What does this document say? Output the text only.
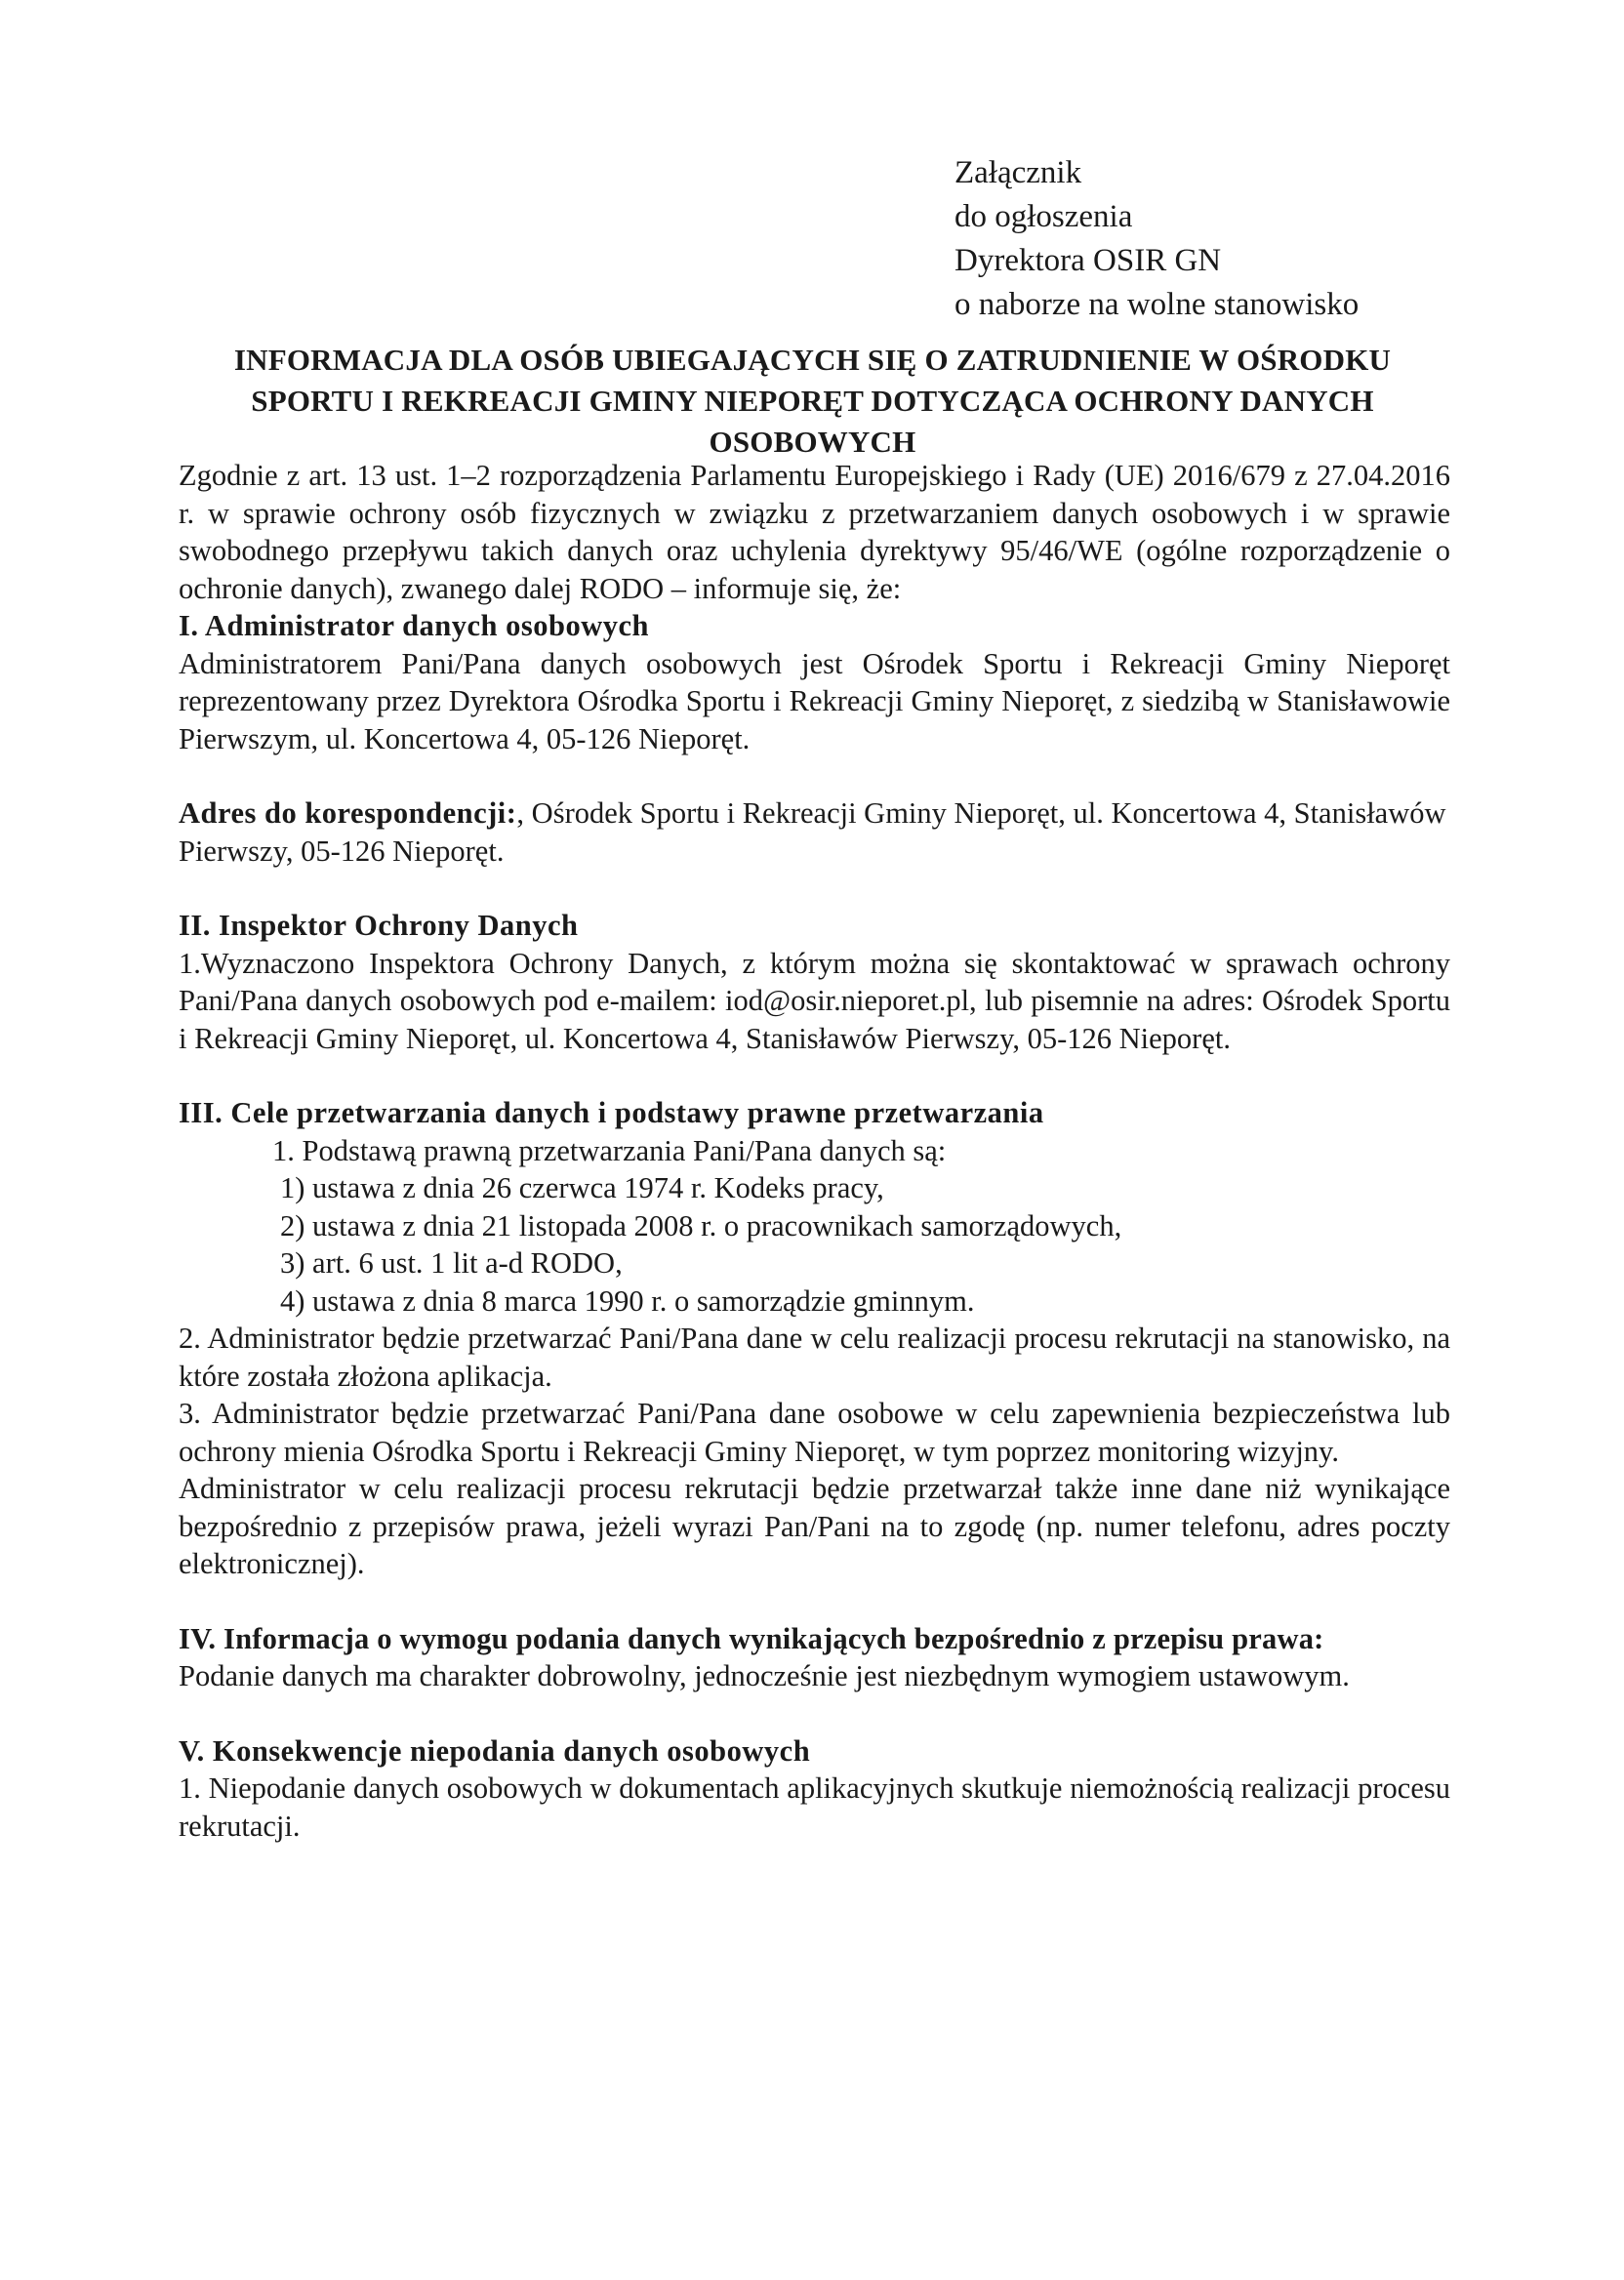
Załącznik
do ogłoszenia
Dyrektora OSIR GN
o naborze na wolne stanowisko
INFORMACJA DLA OSÓB UBIEGAJĄCYCH SIĘ O ZATRUDNIENIE W OŚRODKU
SPORTU I REKREACJI GMINY NIEPORĘT DOTYCZĄCA OCHRONY DANYCH
OSOBOWYCH

Zgodnie z art. 13 ust. 1–2 rozporządzenia Parlamentu Europejskiego i Rady (UE) 2016/679 z 27.04.2016 r. w sprawie ochrony osób fizycznych w związku z przetwarzaniem danych osobowych i w sprawie swobodnego przepływu takich danych oraz uchylenia dyrektywy 95/46/WE (ogólne rozporządzenie o ochronie danych), zwanego dalej RODO – informuje się, że:

I. Administrator danych osobowych

Administratorem Pani/Pana danych osobowych jest Ośrodek Sportu i Rekreacji Gminy Nieporęt reprezentowany przez Dyrektora Ośrodka Sportu i Rekreacji Gminy Nieporęt, z siedzibą w Stanisławowie Pierwszym, ul. Koncertowa 4, 05-126 Nieporęt.

Adres do korespondencji:, Ośrodek Sportu i Rekreacji Gminy Nieporęt, ul. Koncertowa 4, Stanisławów Pierwszy, 05-126 Nieporęt.

II. Inspektor Ochrony Danych

1.Wyznaczono Inspektora Ochrony Danych, z którym można się skontaktować w sprawach ochrony Pani/Pana danych osobowych pod e-mailem: iod@osir.nieporet.pl, lub pisemnie na adres: Ośrodek Sportu i Rekreacji Gminy Nieporęt, ul. Koncertowa 4, Stanisławów Pierwszy, 05-126 Nieporęt.

III. Cele przetwarzania danych i podstawy prawne przetwarzania

1. Podstawą prawną przetwarzania Pani/Pana danych są:

1) ustawa z dnia 26 czerwca 1974 r. Kodeks pracy,

2) ustawa z dnia 21 listopada 2008 r. o pracownikach samorządowych,

3) art. 6 ust. 1 lit a-d RODO,

4) ustawa z dnia 8 marca 1990 r. o samorządzie gminnym.

2. Administrator będzie przetwarzać Pani/Pana dane w celu realizacji procesu rekrutacji na stanowisko, na które została złożona aplikacja.

3. Administrator będzie przetwarzać Pani/Pana dane osobowe w celu zapewnienia bezpieczeństwa lub ochrony mienia Ośrodka Sportu i Rekreacji Gminy Nieporęt, w tym poprzez monitoring wizyjny.

Administrator w celu realizacji procesu rekrutacji będzie przetwarzał także inne dane niż wynikające bezpośrednio z przepisów prawa, jeżeli wyrazi Pan/Pani na to zgodę (np. numer telefonu, adres poczty elektronicznej).

IV. Informacja o wymogu podania danych wynikających bezpośrednio z przepisu prawa:

Podanie danych ma charakter dobrowolny, jednocześnie jest niezbędnym wymogiem ustawowym.

V. Konsekwencje niepodania danych osobowych

1. Niepodanie danych osobowych w dokumentach aplikacyjnych skutkuje niemożnością realizacji procesu rekrutacji.
